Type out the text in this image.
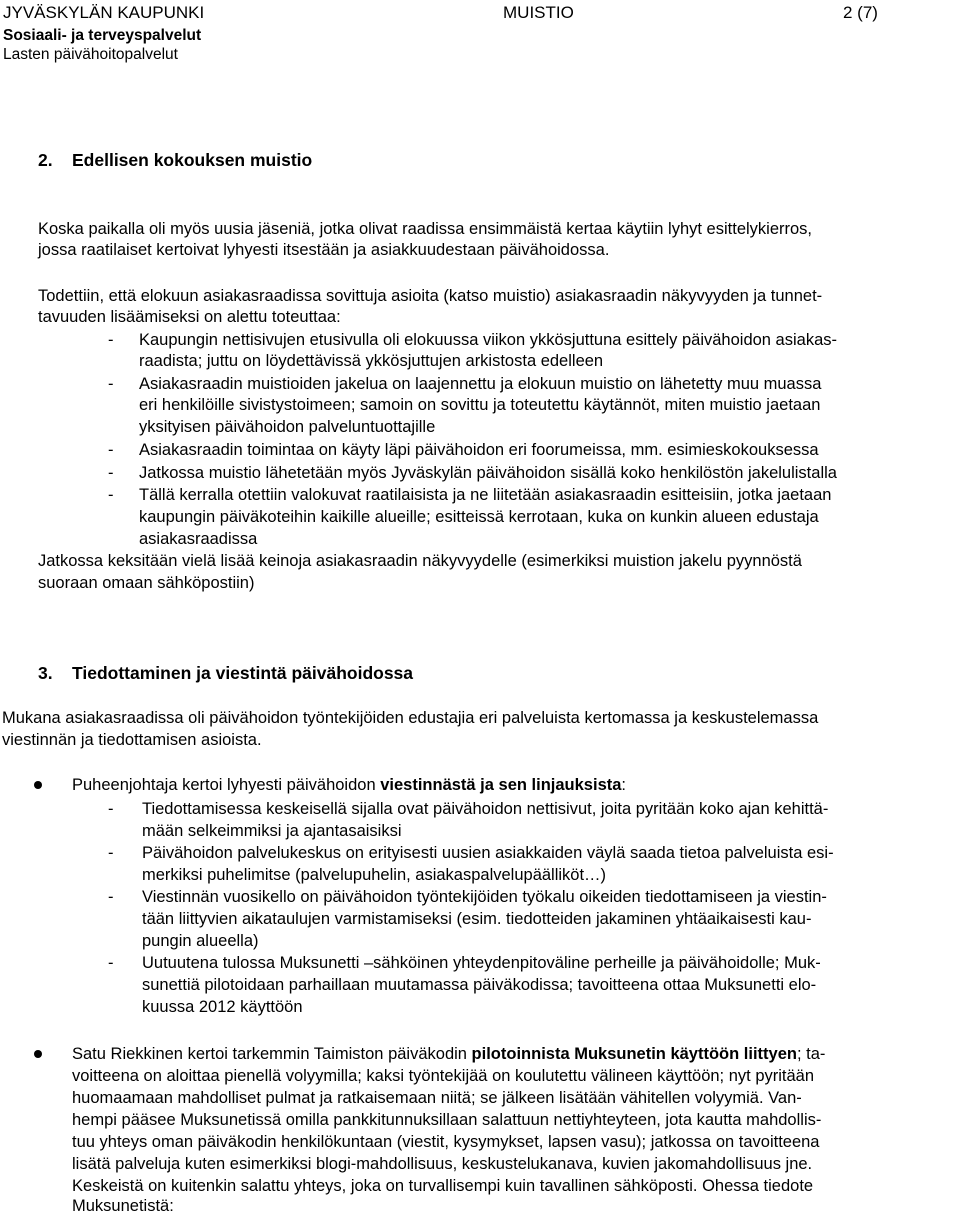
JYVÄSKYLÄN KAUPUNKI	MUISTIO	2 (7)
Sosiaali- ja terveyspalvelut
Lasten päivähoitopalvelut
2. Edellisen kokouksen muistio
Koska paikalla oli myös uusia jäseniä, jotka olivat raadissa ensimmäistä kertaa käytiin lyhyt esittelykierros,
jossa raatilaiset kertoivat lyhyesti itsestään ja asiakkuudestaan päivähoidossa.
Todettiin, että elokuun asiakasraadissa sovittuja asioita (katso muistio) asiakasraadin näkyvyyden ja tunnet-
tavuuden lisäämiseksi on alettu toteuttaa:
- Kaupungin nettisivujen etusivulla oli elokuussa viikon ykkösjuttuna esittely päivähoidon asiakas-
raadista; juttu on löydettävissä ykkösjuttujen arkistosta edelleen
- Asiakasraadin muistioiden jakelua on laajennettu ja elokuun muistio on lähetetty muu muassa
eri henkilöille sivistystoimeen; samoin on sovittu ja toteutettu käytännöt, miten muistio jaetaan
yksityisen päivähoidon palveluntuottajille
- Asiakasraadin toimintaa on käyty läpi päivähoidon eri foorumeissa, mm. esimieskokouksessa
- Jatkossa muistio lähetetään myös Jyväskylän päivähoidon sisällä koko henkilöstön jakelulistalla
- Tällä kerralla otettiin valokuvat raatilaisista ja ne liitetään asiakasraadin esitteisiin, jotka jaetaan
kaupungin päiväkoteihin kaikille alueille; esitteissä kerrotaan, kuka on kunkin alueen edustaja
asiakasraadissa
Jatkossa keksitään vielä lisää keinoja asiakasraadin näkyvyydelle (esimerkiksi muistion jakelu pyynnöstä
suoraan omaan sähköpostiin)
3. Tiedottaminen ja viestintä päivähoidossa
Mukana asiakasraadissa oli päivähoidon työntekijöiden edustajia eri palveluista kertomassa ja keskustelemassa
viestinnän ja tiedottamisen asioista.
Puheenjohtaja kertoi lyhyesti päivähoidon viestinnästä ja sen linjauksista:
- Tiedottamisessa keskeisellä sijalla ovat päivähoidon nettisivut, joita pyritään koko ajan kehittä-
mään selkeimmiksi ja ajantasaisiksi
- Päivähoidon palvelukeskus on erityisesti uusien asiakkaiden väylä saada tietoa palveluista esi-
merkiksi puhelimitse (palvelupuhelin, asiakaspalvelupäälliköt…)
- Viestinnän vuosikello on päivähoidon työntekijöiden työkalu oikeiden tiedottamiseen ja viestin-
tään liittyvien aikataulujen varmistamiseksi (esim. tiedotteiden jakaminen yhtäaikaisesti kau-
pungin alueella)
- Uutuutena tulossa Muksunetti –sähköinen yhteydenpitoväline perheille ja päivähoidolle; Muk-
sunettiä pilotoidaan parhaillaan muutamassa päiväkodissa; tavoitteena ottaa Muksunetti elo-
kuussa 2012 käyttöön
Satu Riekkinen kertoi tarkemmin Taimiston päiväkodin pilotoinnista Muksunetin käyttöön liittyen; ta-
voitteena on aloittaa pienellä volyymilla; kaksi työntekijää on koulutettu välineen käyttöön; nyt pyritään
huomaamaan mahdolliset pulmat ja ratkaisemaan niitä; se jälkeen lisätään vähitellen volyymiä. Van-
hempi pääsee Muksunetissä omilla pankkitunnuksillaan salattuun nettiyhteyteen, jota kautta mahdollis-
tuu yhteys oman päiväkodin henkilökuntaan (viestit, kysymykset, lapsen vasu); jatkossa on tavoitteena
lisätä palveluja kuten esimerkiksi blogi-mahdollisuus, keskustelukanava, kuvien jakomahdollisuus jne.
Keskeistä on kuitenkin salattu yhteys, joka on turvallisempi kuin tavallinen sähköposti. Ohessa tiedote
Muksunetistä:
